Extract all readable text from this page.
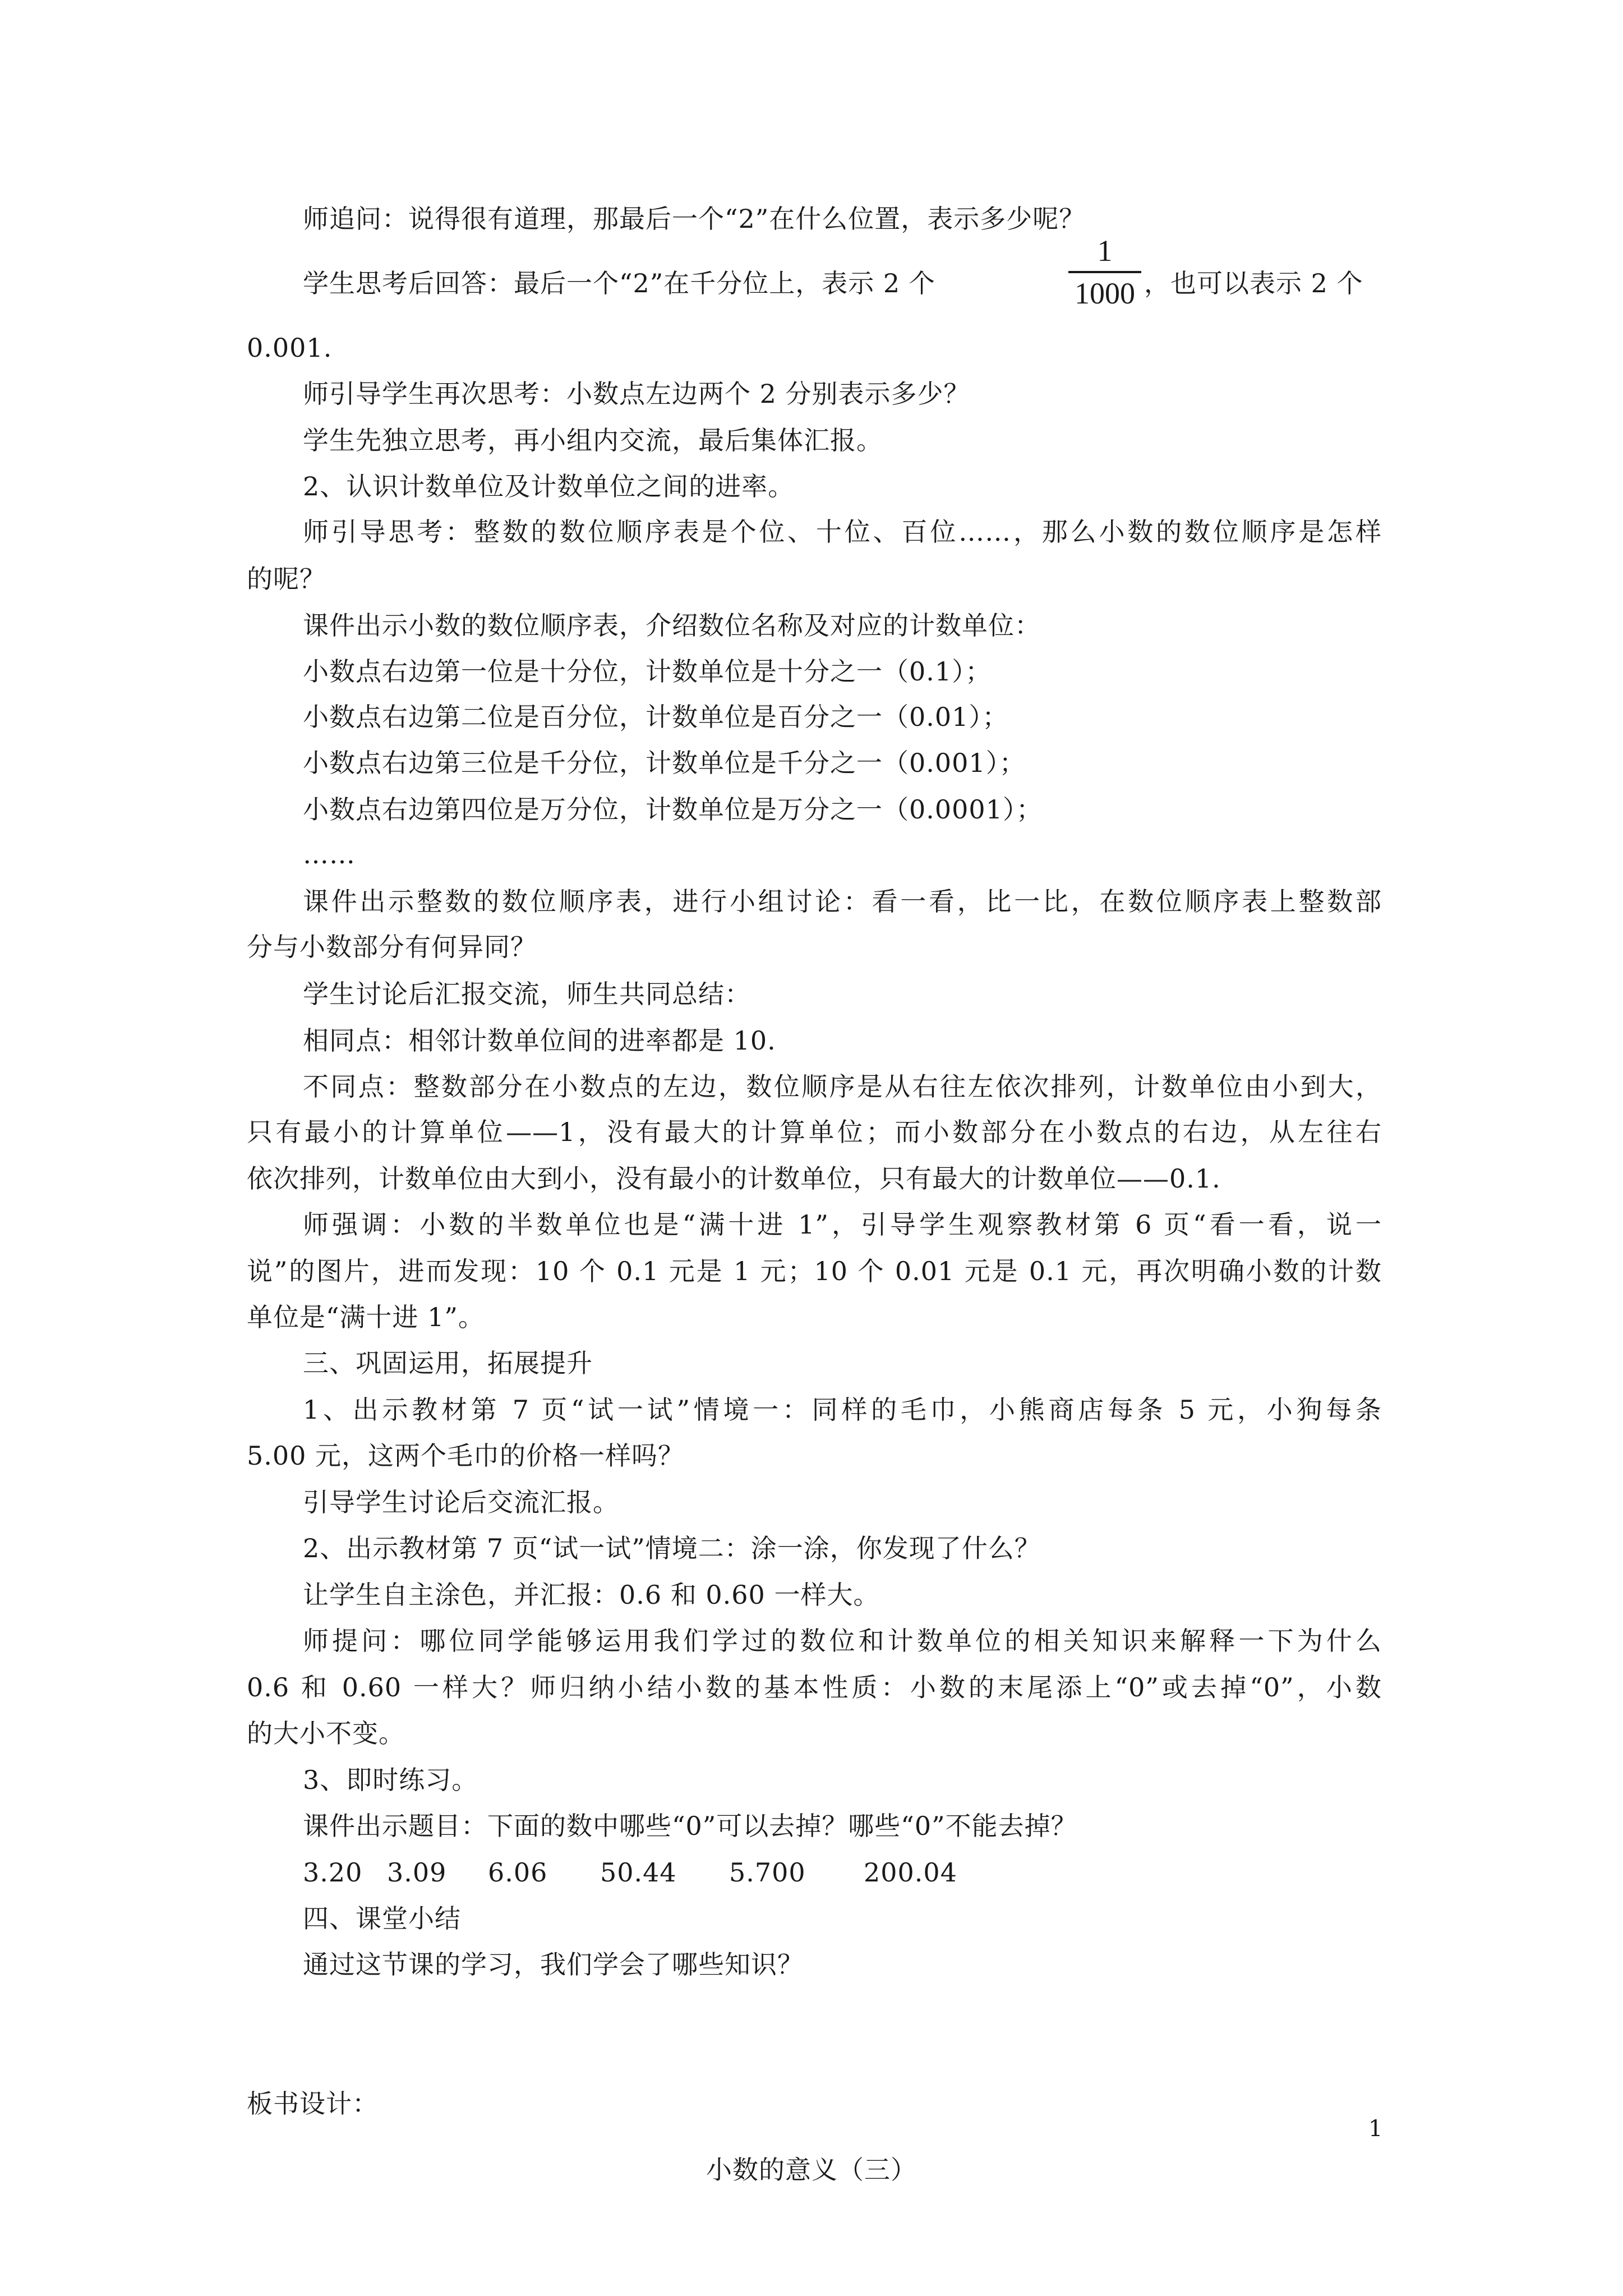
师追问：说得很有道理，那最后一个“2”在什么位置，表示多少呢？
学生思考后回答：最后一个“2”在千分位上，表示 2 个
1
1000 ，也可以表示 2 个
0.001.
师引导学生再次思考：小数点左边两个 2 分别表示多少？
学生先独立思考，再小组内交流，最后集体汇报。
2、认识计数单位及计数单位之间的进率。
师引导思考：整数的数位顺序表是个位、十位、百位……，那么小数的数位顺序是怎样
的呢？
课件出示小数的数位顺序表，介绍数位名称及对应的计数单位：
小数点右边第一位是十分位，计数单位是十分之一（0.1）；
小数点右边第二位是百分位，计数单位是百分之一（0.01）；
小数点右边第三位是千分位，计数单位是千分之一（0.001）；
小数点右边第四位是万分位，计数单位是万分之一（0.0001）；
……
课件出示整数的数位顺序表，进行小组讨论：看一看，比一比，在数位顺序表上整数部
分与小数部分有何异同？
学生讨论后汇报交流，师生共同总结：
相同点：相邻计数单位间的进率都是 10.
不同点：整数部分在小数点的左边，数位顺序是从右往左依次排列，计数单位由小到大，
只有最小的计算单位——1，没有最大的计算单位；而小数部分在小数点的右边，从左往右
依次排列，计数单位由大到小，没有最小的计数单位，只有最大的计数单位——0.1.
师强调：小数的半数单位也是“满十进 1”，引导学生观察教材第 6 页“看一看，说一
说”的图片，进而发现：10 个 0.1 元是 1 元；10 个 0.01 元是 0.1 元，再次明确小数的计数
单位是“满十进 1”。
三、巩固运用，拓展提升
1、出示教材第 7 页“试一试”情境一：同样的毛巾，小熊商店每条 5 元，小狗每条
5.00 元，这两个毛巾的价格一样吗？
引导学生讨论后交流汇报。
2、出示教材第 7 页“试一试”情境二：涂一涂，你发现了什么？
让学生自主涂色，并汇报：0.6 和 0.60 一样大。
师提问：哪位同学能够运用我们学过的数位和计数单位的相关知识来解释一下为什么
0.6 和 0.60 一样大？师归纳小结小数的基本性质：小数的末尾添上“0”或去掉“0”，小数
的大小不变。
3、即时练习。
课件出示题目：下面的数中哪些“0”可以去掉？哪些“0”不能去掉？
3.20 3.09 6.06 50.44 5.700 200.04
四、课堂小结
通过这节课的学习，我们学会了哪些知识？
板书设计：
小数的意义（三）
1
